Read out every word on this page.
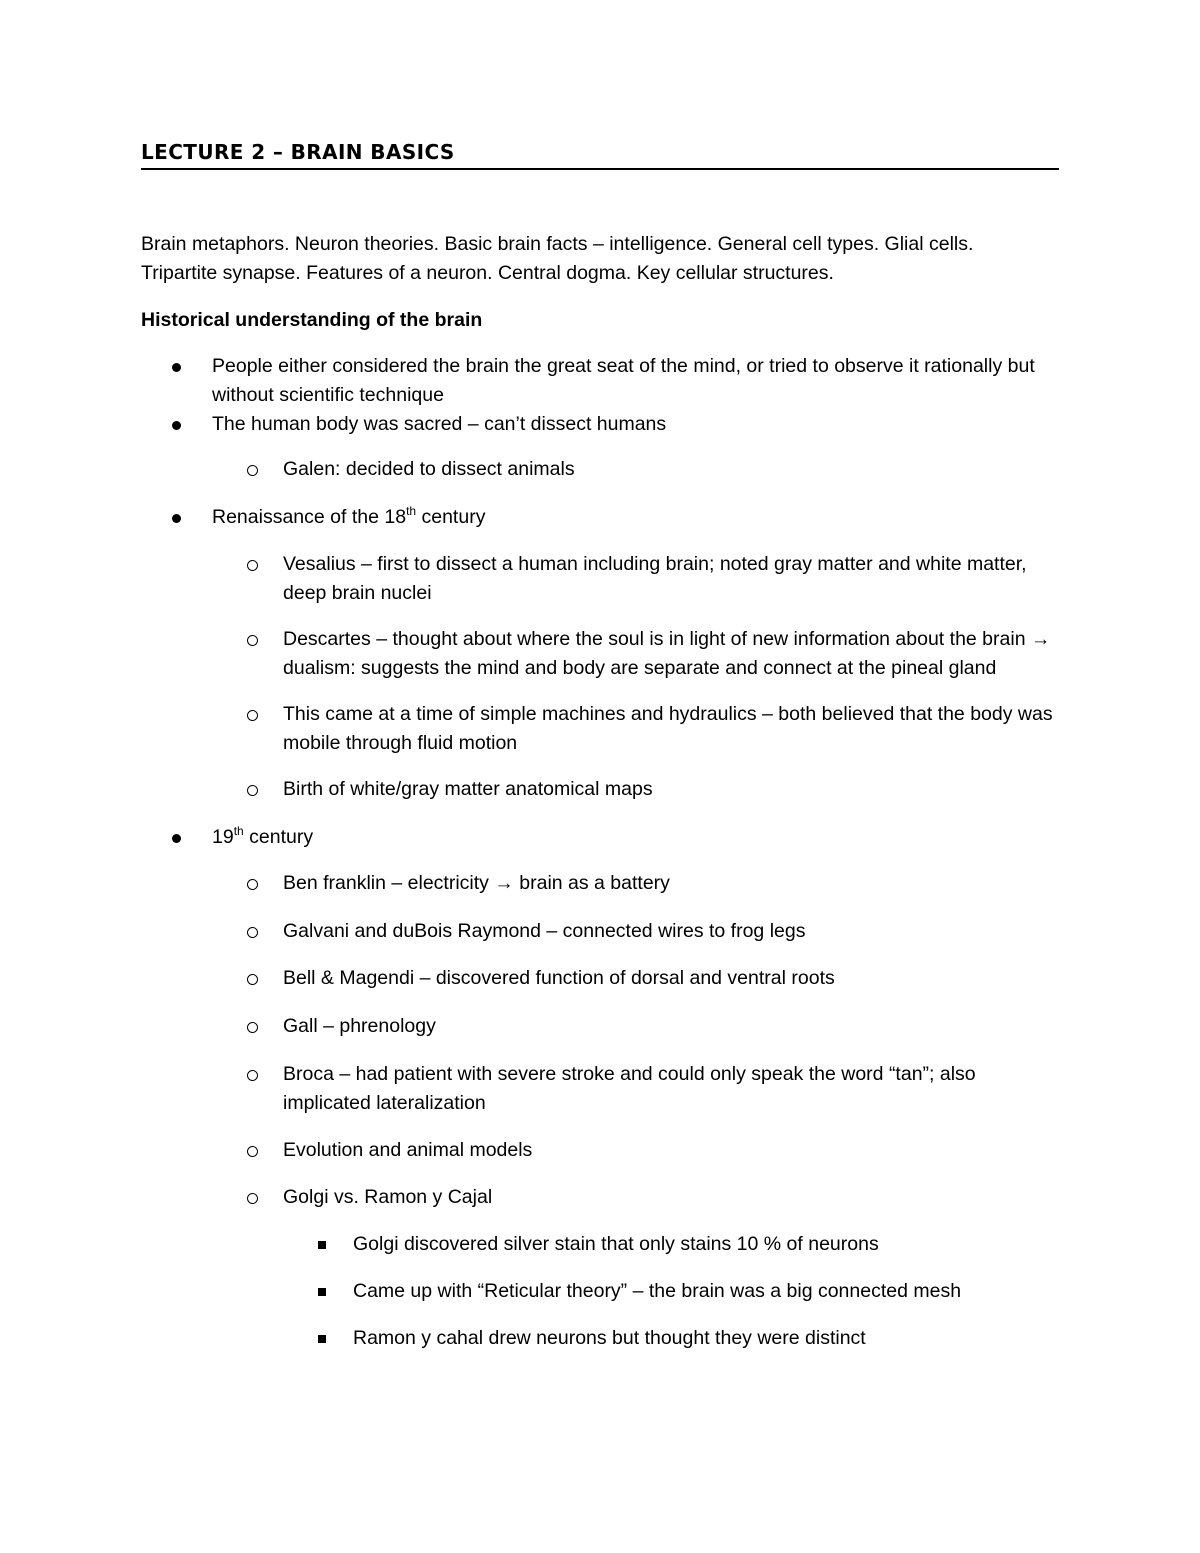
LECTURE 2 – BRAIN BASICS
Brain metaphors. Neuron theories. Basic brain facts – intelligence. General cell types. Glial cells.
Tripartite synapse. Features of a neuron. Central dogma. Key cellular structures.
Historical understanding of the brain
People either considered the brain the great seat of the mind, or tried to observe it rationally but without scientific technique
The human body was sacred – can’t dissect humans
Galen: decided to dissect animals
Renaissance of the 18th century
Vesalius – first to dissect a human including brain; noted gray matter and white matter, deep brain nuclei
Descartes – thought about where the soul is in light of new information about the brain → dualism: suggests the mind and body are separate and connect at the pineal gland
This came at a time of simple machines and hydraulics – both believed that the body was mobile through fluid motion
Birth of white/gray matter anatomical maps
19th century
Ben franklin – electricity → brain as a battery
Galvani and duBois Raymond – connected wires to frog legs
Bell & Magendi – discovered function of dorsal and ventral roots
Gall – phrenology
Broca – had patient with severe stroke and could only speak the word “tan”; also implicated lateralization
Evolution and animal models
Golgi vs. Ramon y Cajal
Golgi discovered silver stain that only stains 10 % of neurons
Came up with “Reticular theory” – the brain was a big connected mesh
Ramon y cahal drew neurons but thought they were distinct
